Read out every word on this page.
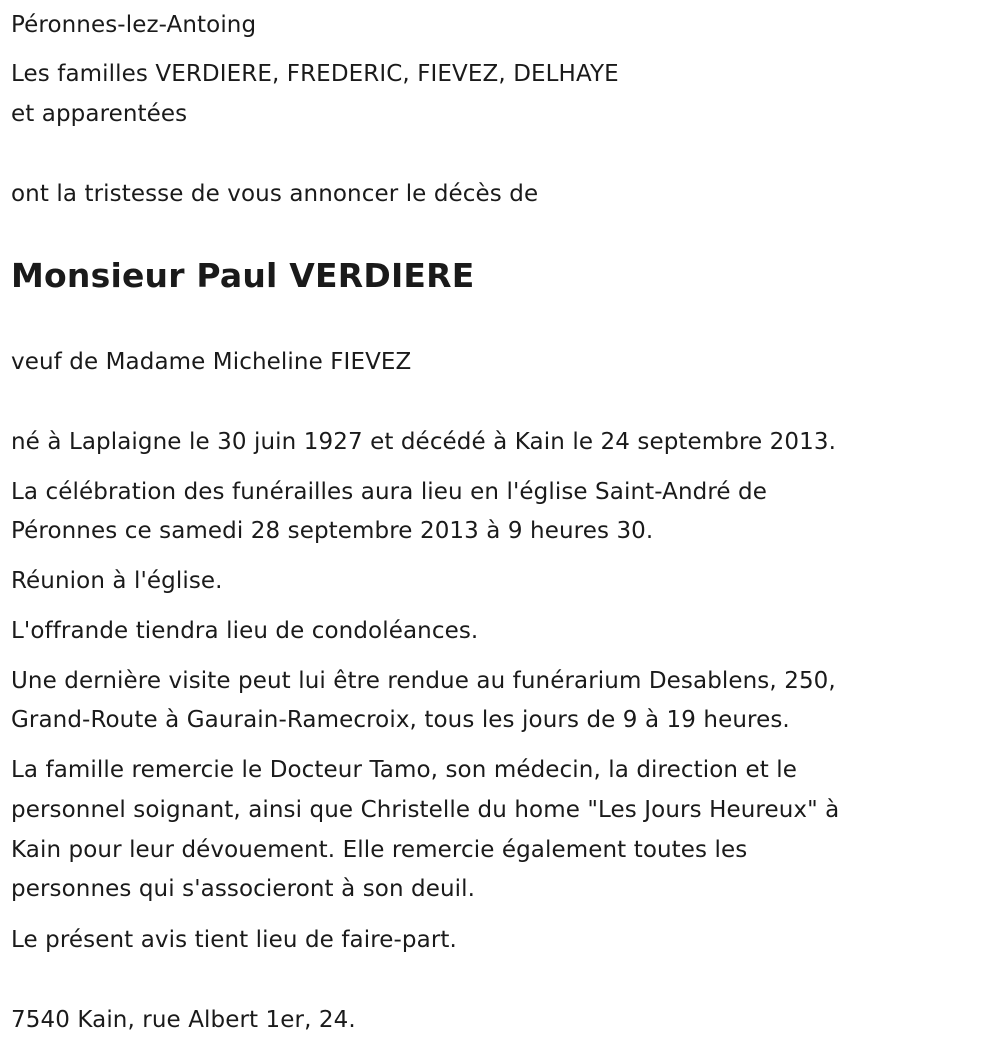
Péronnes-lez-Antoing
Les familles VERDIERE, FREDERIC, FIEVEZ, DELHAYE
et apparentées
ont la tristesse de vous annoncer le décès de
Monsieur Paul VERDIERE
veuf de Madame Micheline FIEVEZ
né à Laplaigne le 30 juin 1927 et décédé à Kain le 24 septembre 2013.
La célébration des funérailles aura lieu en l'église Saint-André de
Péronnes ce samedi 28 septembre 2013 à 9 heures 30.
Réunion à l'église.
L'offrande tiendra lieu de condoléances.
Une dernière visite peut lui être rendue au funérarium Desablens, 250,
Grand-Route à Gaurain-Ramecroix, tous les jours de 9 à 19 heures.
La famille remercie le Docteur Tamo, son médecin, la direction et le
personnel soignant, ainsi que Christelle du home "Les Jours Heureux" à
Kain pour leur dévouement. Elle remercie également toutes les
personnes qui s'associeront à son deuil.
Le présent avis tient lieu de faire-part.
7540 Kain, rue Albert 1er, 24.
